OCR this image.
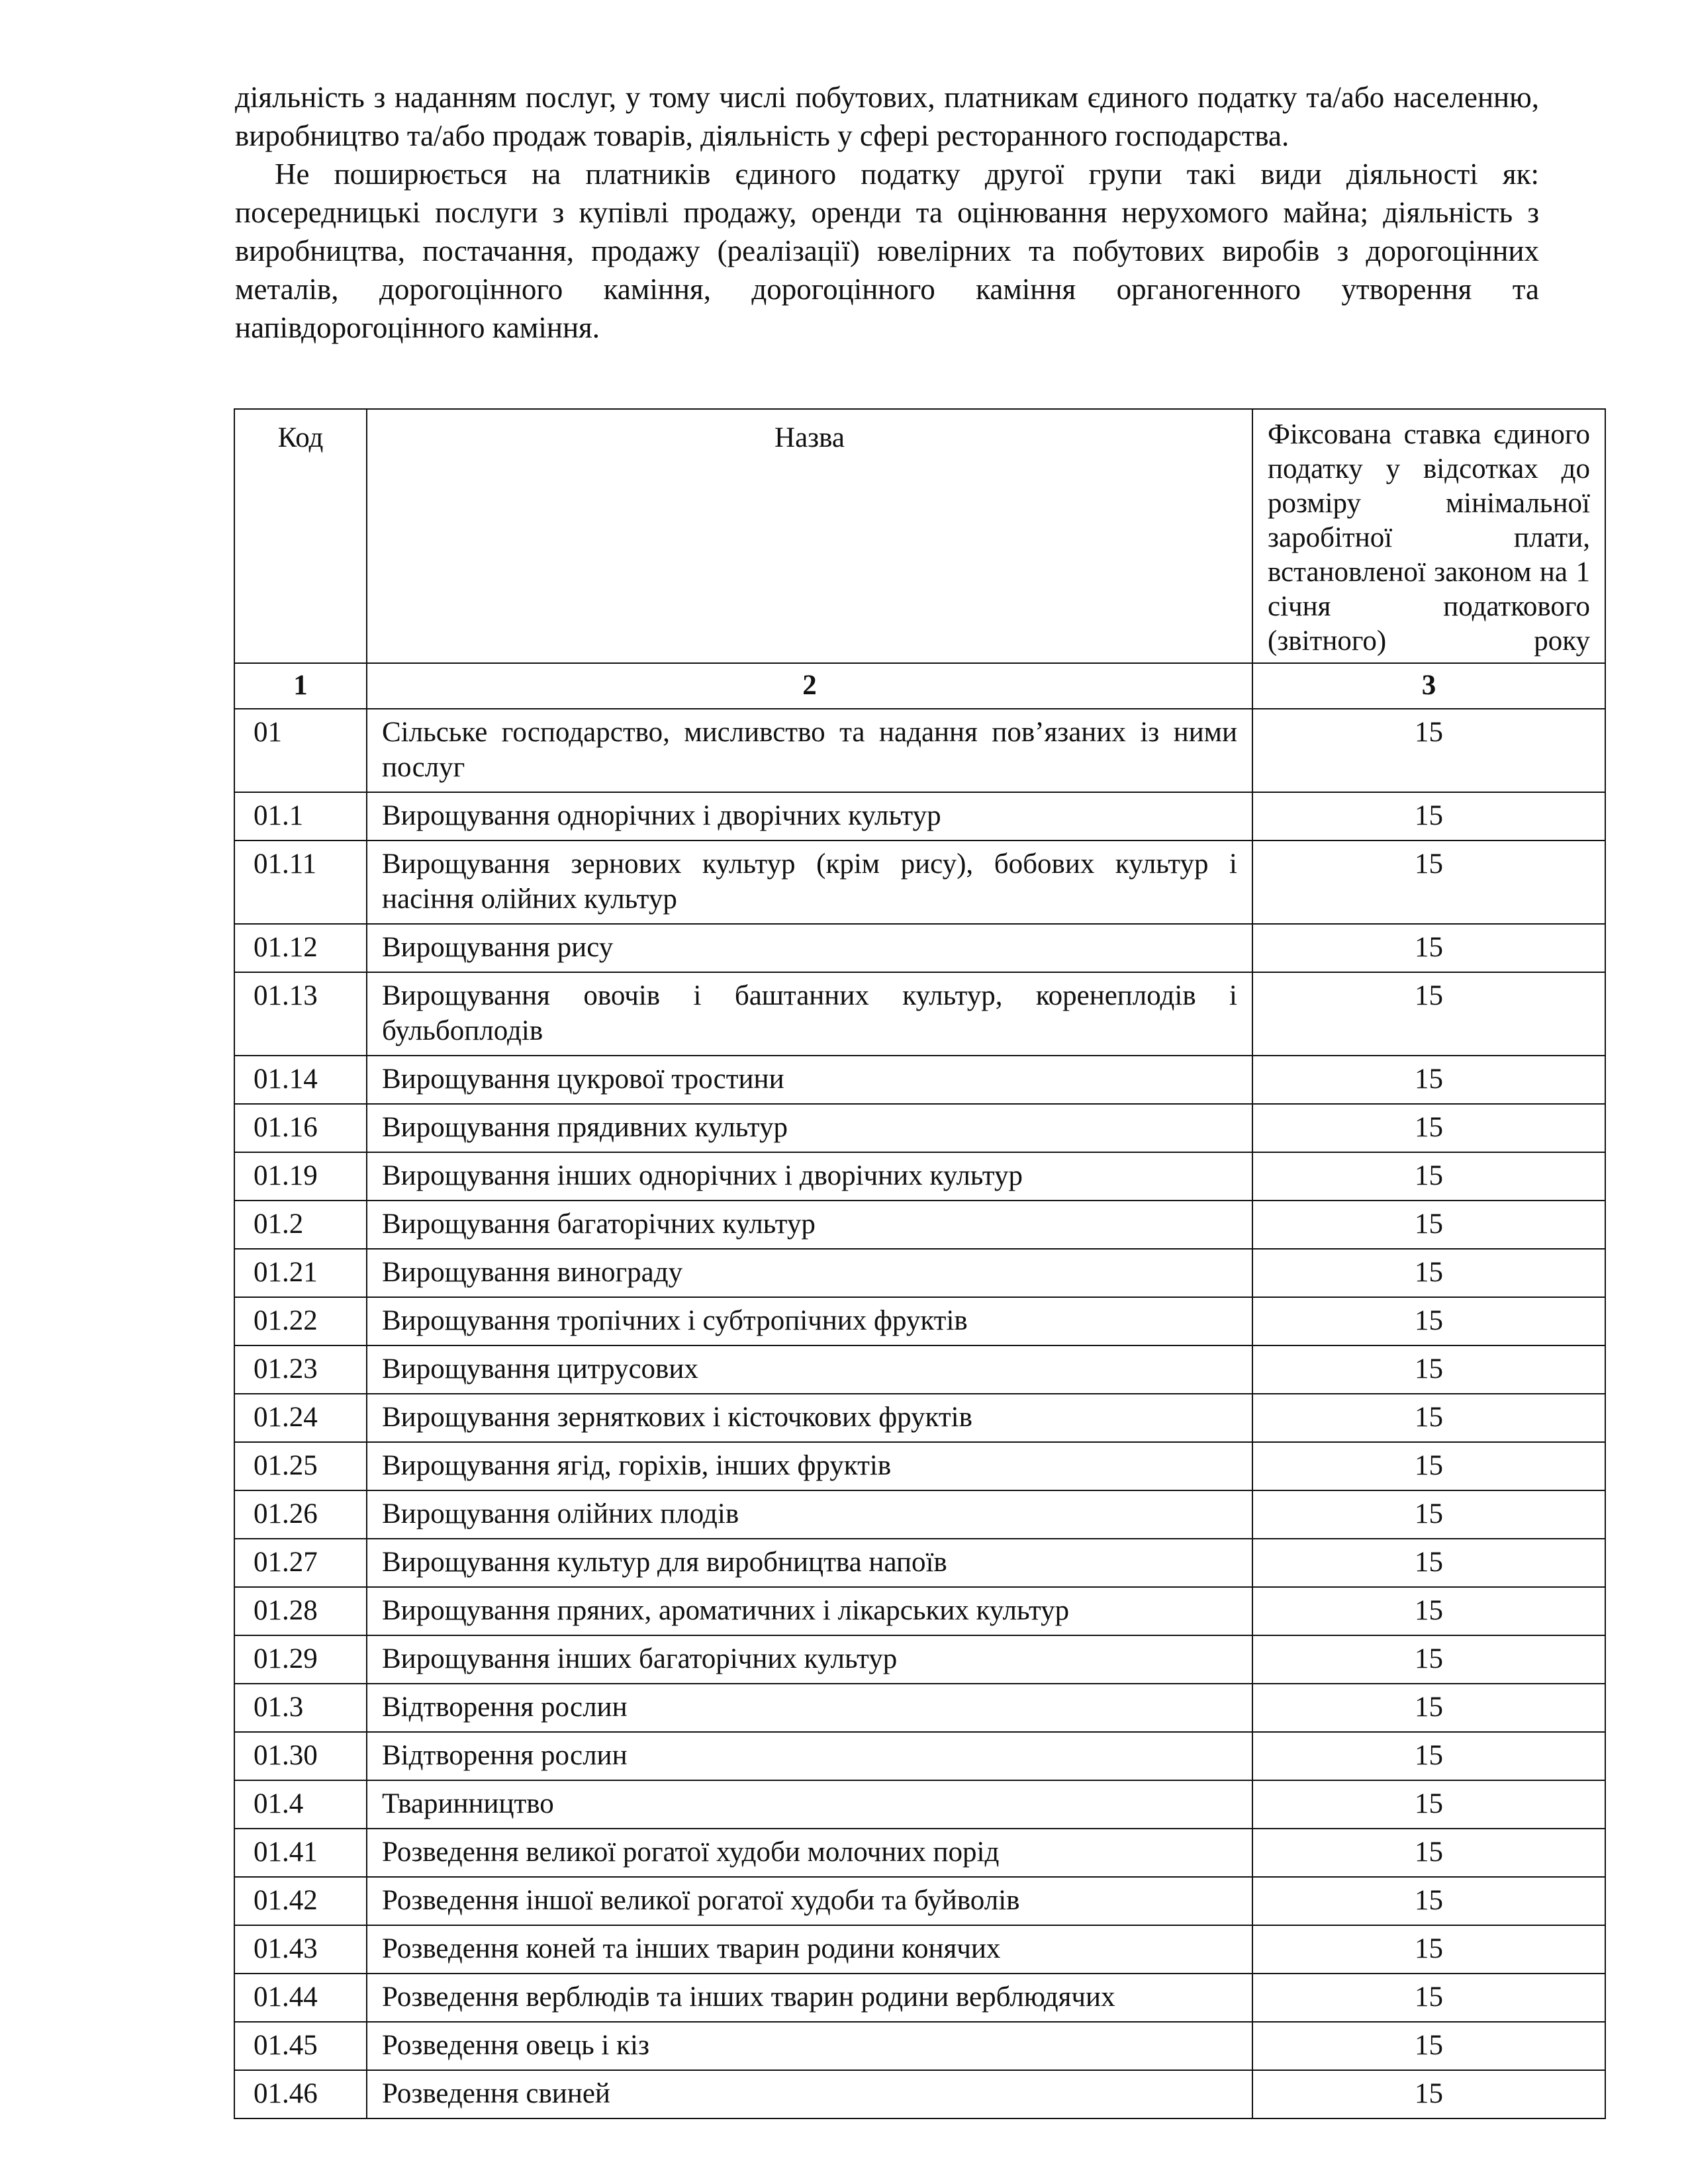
діяльність з наданням послуг, у тому числі побутових, платникам єдиного податку та/або населенню, виробництво та/або продаж товарів, діяльність у сфері ресторанного господарства.

Не поширюється на платників єдиного податку другої групи такі види діяльності як: посередницькі послуги з купівлі продажу, оренди та оцінювання нерухомого майна; діяльність з виробництва, постачання, продажу (реалізації) ювелірних та побутових виробів з дорогоцінних металів, дорогоцінного каміння, дорогоцінного каміння органогенного утворення та напівдорогоцінного каміння.

Код	Назва	Фіксована ставка єдиного податку у відсотках до розміру мінімальної заробітної плати, встановленої законом на 1 січня податкового (звітного) року
1	2	3
01	Сільське господарство, мисливство та надання пов’язаних із ними послуг	15
01.1	Вирощування однорічних і дворічних культур	15
01.11	Вирощування зернових культур (крім рису), бобових культур і насіння олійних культур	15
01.12	Вирощування рису	15
01.13	Вирощування овочів і баштанних культур, коренеплодів і бульбоплодів	15
01.14	Вирощування цукрової тростини	15
01.16	Вирощування прядивних культур	15
01.19	Вирощування інших однорічних і дворічних культур	15
01.2	Вирощування багаторічних культур	15
01.21	Вирощування винограду	15
01.22	Вирощування тропічних і субтропічних фруктів	15
01.23	Вирощування цитрусових	15
01.24	Вирощування зерняткових і кісточкових фруктів	15
01.25	Вирощування ягід, горіхів, інших фруктів	15
01.26	Вирощування олійних плодів	15
01.27	Вирощування культур для виробництва напоїв	15
01.28	Вирощування пряних, ароматичних і лікарських культур	15
01.29	Вирощування інших багаторічних культур	15
01.3	Відтворення рослин	15
01.30	Відтворення рослин	15
01.4	Тваринництво	15
01.41	Розведення великої рогатої худоби молочних порід	15
01.42	Розведення іншої великої рогатої худоби та буйволів	15
01.43	Розведення коней та інших тварин родини конячих	15
01.44	Розведення верблюдів та інших тварин родини верблюдячих	15
01.45	Розведення овець і кіз	15
01.46	Розведення свиней	15
